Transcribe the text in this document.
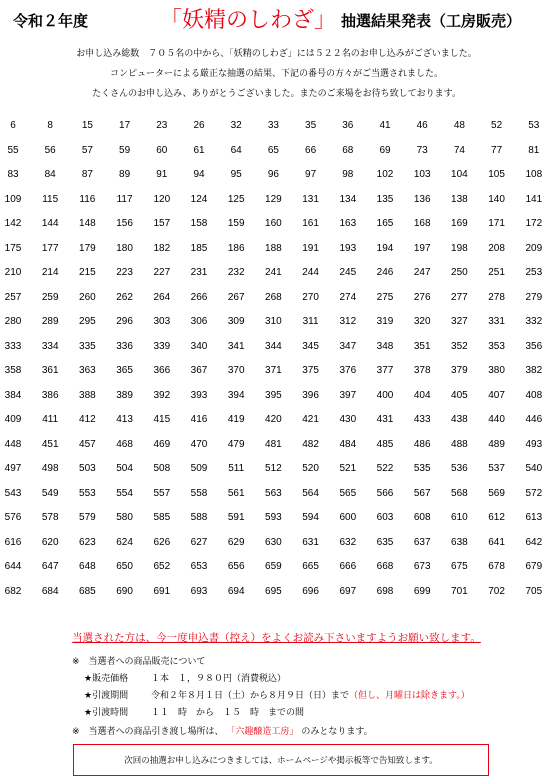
令和２年度	「妖精のしわざ」 抽選結果発表（工房販売）
お申し込み総数　７０５名の中から、「妖精のしわざ」には５２２名のお申し込みがございました。
コンピューターによる厳正な抽選の結果、下記の番号の方々がご当選されました。
たくさんのお申し込み、ありがとうございました。またのご来場をお待ち致しております。
6	8	15	17	23	26	32	33	35	36	41	46	48	52	53
55	56	57	59	60	61	64	65	66	68	69	73	74	77	81
83	84	87	89	91	94	95	96	97	98	102	103	104	105	108
109	115	116	117	120	124	125	129	131	134	135	136	138	140	141
142	144	148	156	157	158	159	160	161	163	165	168	169	171	172
175	177	179	180	182	185	186	188	191	193	194	197	198	208	209
210	214	215	223	227	231	232	241	244	245	246	247	250	251	253
257	259	260	262	264	266	267	268	270	274	275	276	277	278	279
280	289	295	296	303	306	309	310	311	312	319	320	327	331	332
333	334	335	336	339	340	341	344	345	347	348	351	352	353	356
358	361	363	365	366	367	370	371	375	376	377	378	379	380	382
384	386	388	389	392	393	394	395	396	397	400	404	405	407	408
409	411	412	413	415	416	419	420	421	430	431	433	438	440	446
448	451	457	468	469	470	479	481	482	484	485	486	488	489	493
497	498	503	504	508	509	511	512	520	521	522	535	536	537	540
543	549	553	554	557	558	561	563	564	565	566	567	568	569	572
576	578	579	580	585	588	591	593	594	600	603	608	610	612	613
616	620	623	624	626	627	629	630	631	632	635	637	638	641	642
644	647	648	650	652	653	656	659	665	666	668	673	675	678	679
682	684	685	690	691	693	694	695	696	697	698	699	701	702	705
当選された方は、今一度申込書（控え）をよくお読み下さいますようお願い致します。
※　当選者への商品販売について
★販売価格	１本　１，９８０円（消費税込）
★引渡期間	令和２年８月１日（土）から８月９日（日）まで（但し、月曜日は除きます。）
★引渡時間	１１　時　から　１５　時　までの間
※　当選者への商品引き渡し場所は、 「六趣醸造工房」 のみとなります。
次回の抽選お申し込みにつきましては、ホームページや掲示板等で告知致します。
